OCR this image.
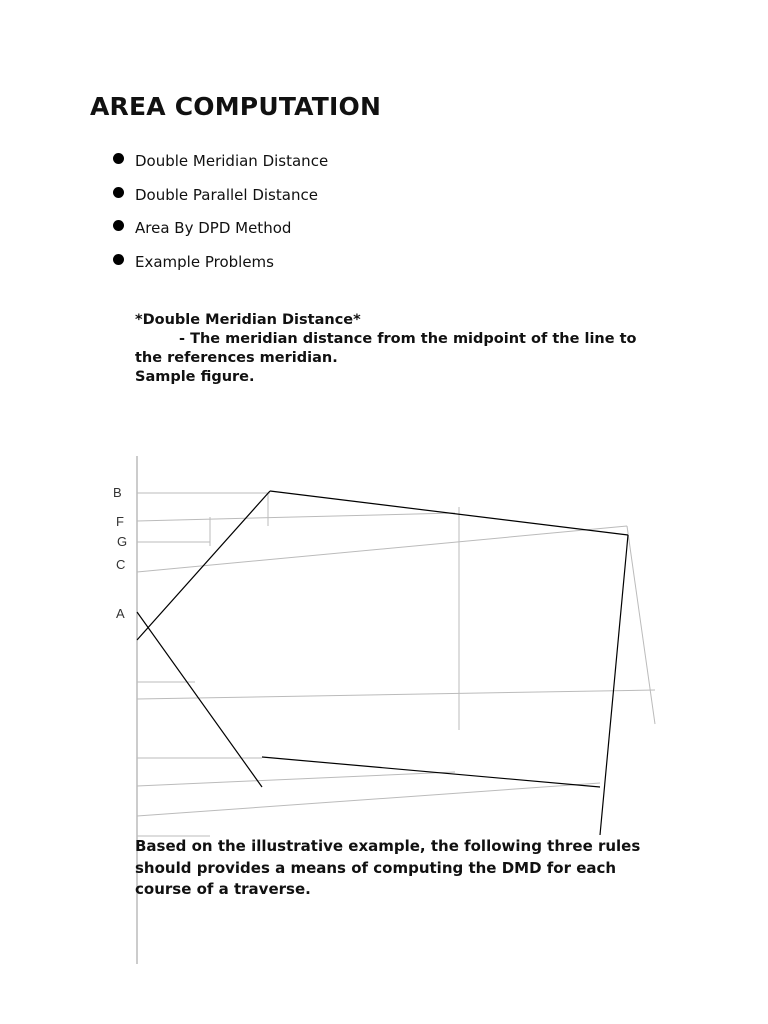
AREA COMPUTATION
Double Meridian Distance
Double Parallel Distance
Area By DPD Method
Example Problems

*Double Meridian Distance*

- The meridian distance from the midpoint of the line to

the references meridian.

Sample figure.

B
F
G
C
A
Based on the illustrative example, the following three rules
should provides a means of computing the DMD for each
course of a traverse.
